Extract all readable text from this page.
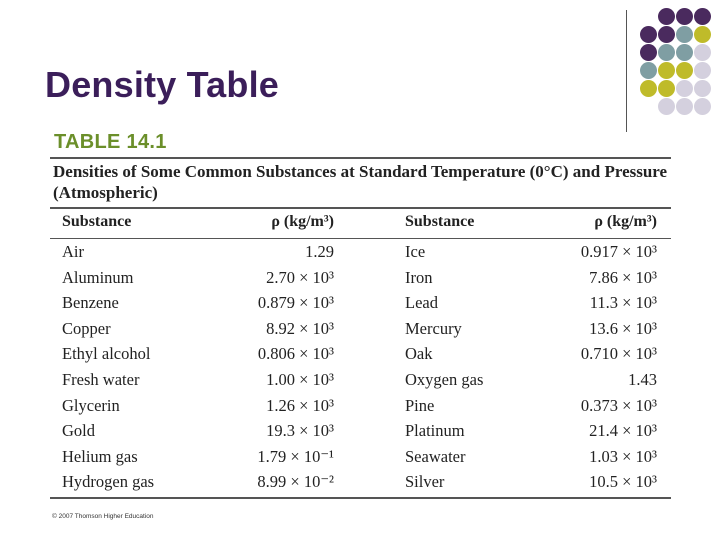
Density Table
TABLE 14.1
Densities of Some Common Substances at Standard Temperature (0°C) and Pressure (Atmospheric)
Substance	ρ (kg/m³)	Substance	ρ (kg/m³)
Air	1.29	Ice	0.917 × 10³
Aluminum	2.70 × 10³	Iron	7.86 × 10³
Benzene	0.879 × 10³	Lead	11.3 × 10³
Copper	8.92 × 10³	Mercury	13.6 × 10³
Ethyl alcohol	0.806 × 10³	Oak	0.710 × 10³
Fresh water	1.00 × 10³	Oxygen gas	1.43
Glycerin	1.26 × 10³	Pine	0.373 × 10³
Gold	19.3 × 10³	Platinum	21.4 × 10³
Helium gas	1.79 × 10⁻¹	Seawater	1.03 × 10³
Hydrogen gas	8.99 × 10⁻²	Silver	10.5 × 10³
© 2007 Thomson Higher Education
